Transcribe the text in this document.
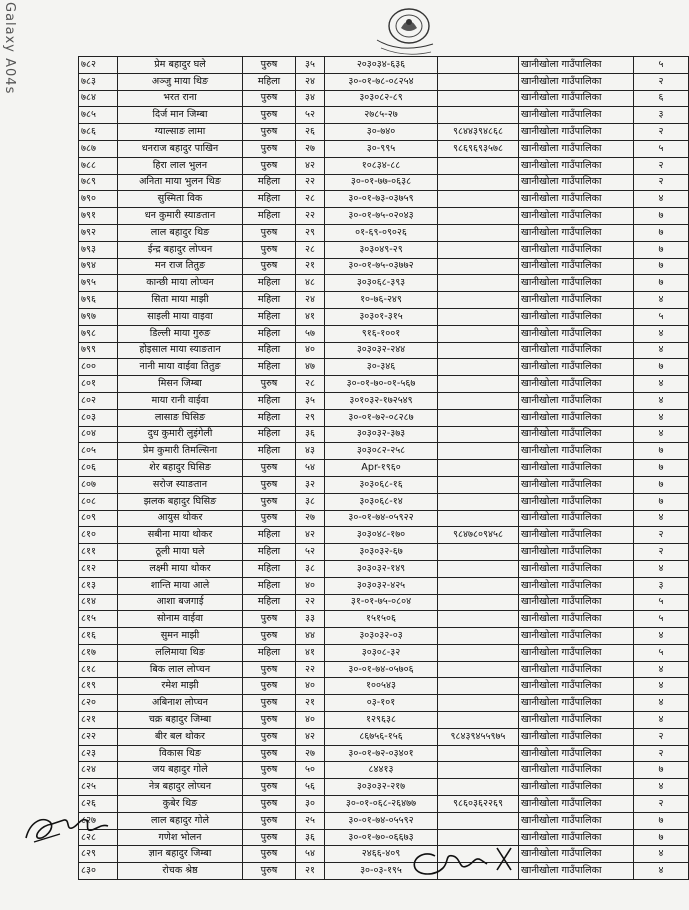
Galaxy A04s	७८२	प्रेम बहादुर घले	पुरुष	३५	२०३०३४-६३६		खानीखोला गाउँपालिका	५
७८३	अञ्जु माया थिङ	महिला	२४	३०-०१-७८-०८२५४		खानीखोला गाउँपालिका	२
७८४	भरत राना	पुरुष	३४	३०३०८२-८९		खानीखोला गाउँपालिका	६
७८५	दिर्ज मान जिम्बा	पुरुष	५२	२७८५-२७		खानीखोला गाउँपालिका	३
७८६	ग्याल्साङ लामा	पुरुष	२६	३०-७४०	९८४४३९४८६८	खानीखोला गाउँपालिका	२
७८७	धनराज बहादुर पाखिन	पुरुष	२७	३०-९९५	९८६९६९३५७८	खानीखोला गाउँपालिका	५
७८८	हिरा लाल भुलन	पुरुष	४२	१०८३४-८८		खानीखोला गाउँपालिका	२
७८९	अनिता माया भुलन थिङ	महिला	२२	३०-०१-७७-०६३८		खानीखोला गाउँपालिका	२
७९०	सुस्मिता विक	महिला	२८	३०-०१-७३-०३७५९		खानीखोला गाउँपालिका	४
७९१	धन कुमारी स्याङतान	महिला	२२	३०-०१-७५-०२०४३		खानीखोला गाउँपालिका	७
७९२	लाल बहादुर थिङ	पुरुष	२९	०१-६९-०९०२६		खानीखोला गाउँपालिका	७
७९३	ईन्द्र बहादुर लोप्चन	पुरुष	२८	३०३०४९-२९		खानीखोला गाउँपालिका	७
७९४	मन राज तितुङ	पुरुष	२१	३०-०१-७५-०३७७२		खानीखोला गाउँपालिका	७
७९५	कान्छी माया लोप्चन	महिला	४८	३०३०६८-३९३		खानीखोला गाउँपालिका	७
७९६	सिता माया माझी	महिला	२४	१०-७६-२४९		खानीखोला गाउँपालिका	४
७९७	साइली माया वाइवा	महिला	४१	३०३०१-३१५		खानीखोला गाउँपालिका	५
७९८	डिल्ली माया गुरुङ	महिला	५७	९१६-१००१		खानीखोला गाउँपालिका	४
७९९	होइसाल माया स्याङतान	महिला	४०	३०३०३२-२४४		खानीखोला गाउँपालिका	४
८००	नानी माया वाईवा तितुङ	महिला	४७	३०-३४६		खानीखोला गाउँपालिका	७
८०१	मिसन जिम्बा	पुरुष	२८	३०-०१-७०-०१-५६७		खानीखोला गाउँपालिका	४
८०२	माया रानी वाईवा	महिला	३५	३०१०३२-१७२५४९		खानीखोला गाउँपालिका	४
८०३	लासाङ घिसिङ	महिला	२९	३०-०१-७२-०८२८७		खानीखोला गाउँपालिका	४
८०४	दुध कुमारी लुइंगेली	महिला	३६	३०३०३२-३७३		खानीखोला गाउँपालिका	४
८०५	प्रेम कुमारी तिमल्सिना	महिला	४३	३०३०८२-२५८		खानीखोला गाउँपालिका	७
८०६	शेर बहादुर घिसिङ	पुरुष	५४	Apr-१९६०		खानीखोला गाउँपालिका	७
८०७	सरोज स्याङतान	पुरुष	३२	३०३०६८-१६		खानीखोला गाउँपालिका	७
८०८	झलक बहादुर घिसिङ	पुरुष	३८	३०३०६८-१४		खानीखोला गाउँपालिका	७
८०९	आयुस थोकर	पुरुष	२७	३०-०१-७४-०५९२२		खानीखोला गाउँपालिका	४
८१०	सबीना माया थोकर	महिला	४२	३०३०४८-१७०	९८४७८०९४५८	खानीखोला गाउँपालिका	२
८११	ठूली माया घले	महिला	५२	३०३०३२-६७		खानीखोला गाउँपालिका	२
८१२	लक्ष्मी माया थोकर	महिला	३८	३०३०३२-१४९		खानीखोला गाउँपालिका	४
८१३	शान्ति माया आले	महिला	४०	३०३०३२-४२५		खानीखोला गाउँपालिका	३
८१४	आशा बजगाई	महिला	२२	३१-०१-७५-०८०४		खानीखोला गाउँपालिका	५
८१५	सोनाम वाईवा	पुरुष	३३	१५१५०६		खानीखोला गाउँपालिका	५
८१६	सुमन माझी	पुरुष	४४	३०३०३२-०३		खानीखोला गाउँपालिका	४
८१७	ललिमाया थिङ	महिला	४१	३०३०८-३२		खानीखोला गाउँपालिका	५
८१८	बिक लाल लोप्चन	पुरुष	२२	३०-०१-७४-०५७०६		खानीखोला गाउँपालिका	४
८१९	रमेश माझी	पुरुष	४०	१००५४३		खानीखोला गाउँपालिका	४
८२०	अबिनाश लोप्चन	पुरुष	२१	०३-१०१		खानीखोला गाउँपालिका	४
८२१	चक्र बहादुर जिम्बा	पुरुष	४०	१२९६३८		खानीखोला गाउँपालिका	४
८२२	बीर बल थोकर	पुरुष	४२	८६७५६-१५६	९८४३९४५५९७५	खानीखोला गाउँपालिका	२
८२३	विकास थिङ	पुरुष	२७	३०-०१-७२-०३४०१		खानीखोला गाउँपालिका	२
८२४	जय बहादुर गोले	पुरुष	५०	८४४१३		खानीखोला गाउँपालिका	७
८२५	नेत्र बहादुर लोप्चन	पुरुष	५६	३०३०३२-२१७		खानीखोला गाउँपालिका	४
८२६	कुबेर थिङ	पुरुष	३०	३०-०१-०६८-२६४७७	९८६०३६२२६९	खानीखोला गाउँपालिका	२
८२७	लाल बहादुर गोले	पुरुष	२५	३०-०१-७४-०५५९२		खानीखोला गाउँपालिका	७
८२८	गणेश भोलन	पुरुष	३६	३०-०१-७०-०६६७३		खानीखोला गाउँपालिका	७
८२९	ज्ञान बहादुर जिम्बा	पुरुष	५४	२४६६-४०९		खानीखोला गाउँपालिका	४
८३०	रोचक श्रेष्ठ	पुरुष	२१	३०-०३-१९५		खानीखोला गाउँपालिका	४
